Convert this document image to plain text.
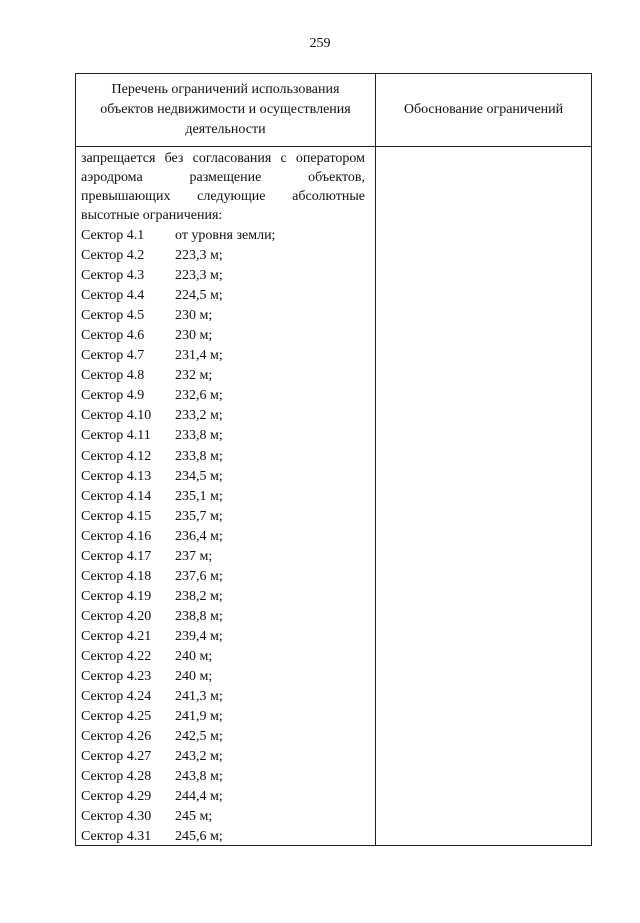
259
Перечень ограничений использования объектов недвижимости и осуществления деятельности
Обоснование ограничений
запрещается без согласования с оператором
аэродрома размещение объектов,
превышающих следующие абсолютные
высотные ограничения:
Сектор 4.1 от уровня земли;
Сектор 4.2 223,3 м;
Сектор 4.3 223,3 м;
Сектор 4.4 224,5 м;
Сектор 4.5 230 м;
Сектор 4.6 230 м;
Сектор 4.7 231,4 м;
Сектор 4.8 232 м;
Сектор 4.9 232,6 м;
Сектор 4.10 233,2 м;
Сектор 4.11 233,8 м;
Сектор 4.12 233,8 м;
Сектор 4.13 234,5 м;
Сектор 4.14 235,1 м;
Сектор 4.15 235,7 м;
Сектор 4.16 236,4 м;
Сектор 4.17 237 м;
Сектор 4.18 237,6 м;
Сектор 4.19 238,2 м;
Сектор 4.20 238,8 м;
Сектор 4.21 239,4 м;
Сектор 4.22 240 м;
Сектор 4.23 240 м;
Сектор 4.24 241,3 м;
Сектор 4.25 241,9 м;
Сектор 4.26 242,5 м;
Сектор 4.27 243,2 м;
Сектор 4.28 243,8 м;
Сектор 4.29 244,4 м;
Сектор 4.30 245 м;
Сектор 4.31 245,6 м;
